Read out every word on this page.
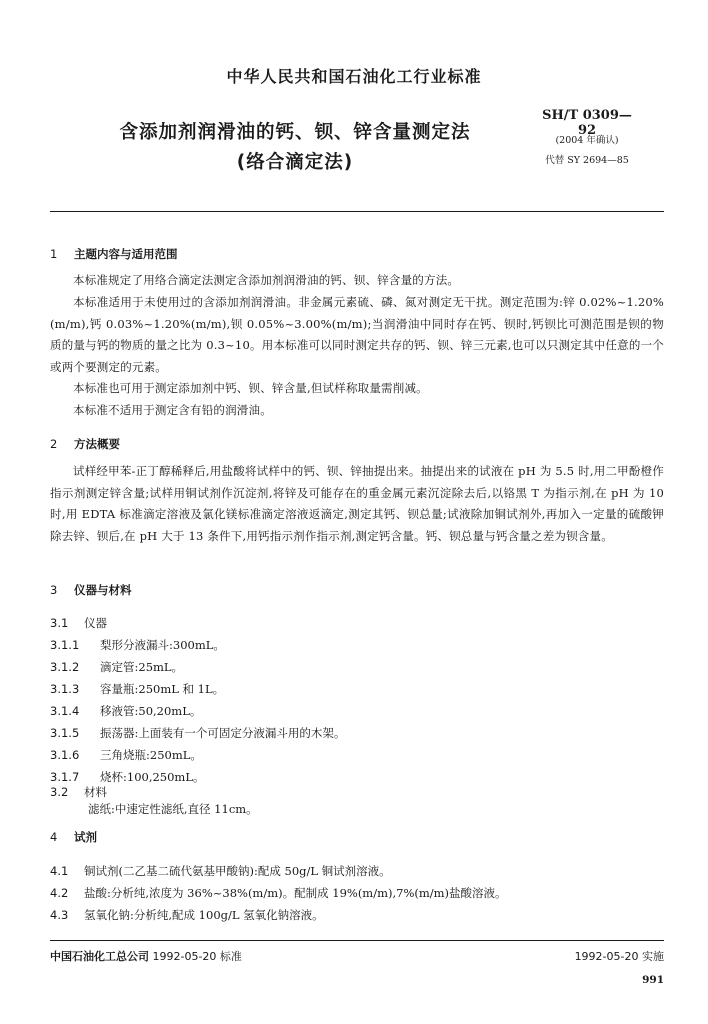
中华人民共和国石油化工行业标准
含添加剂润滑油的钙、钡、锌含量测定法
(络合滴定法)
SH/T 0309—92
(2004 年确认)
代替 SY 2694—85
1 主题内容与适用范围
本标准规定了用络合滴定法测定含添加剂润滑油的钙、钡、锌含量的方法。
本标准适用于未使用过的含添加剂润滑油。非金属元素硫、磷、氮对测定无干扰。测定范围为:锌 0.02%~1.20%(m/m),钙 0.03%~1.20%(m/m),钡 0.05%~3.00%(m/m);当润滑油中同时存在钙、钡时,钙钡比可测范围是钡的物质的量与钙的物质的量之比为 0.3~10。用本标准可以同时测定共存的钙、钡、锌三元素,也可以只测定其中任意的一个或两个要测定的元素。
本标准也可用于测定添加剂中钙、钡、锌含量,但试样称取量需削减。
本标准不适用于测定含有铅的润滑油。
2 方法概要
试样经甲苯-正丁醇稀释后,用盐酸将试样中的钙、钡、锌抽提出来。抽提出来的试液在 pH 为 5.5 时,用二甲酚橙作指示剂测定锌含量;试样用铜试剂作沉淀剂,将锌及可能存在的重金属元素沉淀除去后,以铬黑 T 为指示剂,在 pH 为 10 时,用 EDTA 标准滴定溶液及氯化镁标准滴定溶液返滴定,测定其钙、钡总量;试液除加铜试剂外,再加入一定量的硫酸钾除去锌、钡后,在 pH 大于 13 条件下,用钙指示剂作指示剂,测定钙含量。钙、钡总量与钙含量之差为钡含量。
3 仪器与材料
3.1 仪器
3.1.1 梨形分液漏斗:300mL。
3.1.2 滴定管:25mL。
3.1.3 容量瓶:250mL 和 1L。
3.1.4 移液管:50,20mL。
3.1.5 振荡器:上面装有一个可固定分液漏斗用的木架。
3.1.6 三角烧瓶:250mL。
3.1.7 烧杯:100,250mL。
3.2 材料
滤纸:中速定性滤纸,直径 11cm。
4 试剂
4.1 铜试剂(二乙基二硫代氨基甲酸钠):配成 50g/L 铜试剂溶液。
4.2 盐酸:分析纯,浓度为 36%~38%(m/m)。配制成 19%(m/m),7%(m/m)盐酸溶液。
4.3 氢氧化钠:分析纯,配成 100g/L 氢氧化钠溶液。
中国石油化工总公司 1992-05-20 标准	1992-05-20 实施
991
